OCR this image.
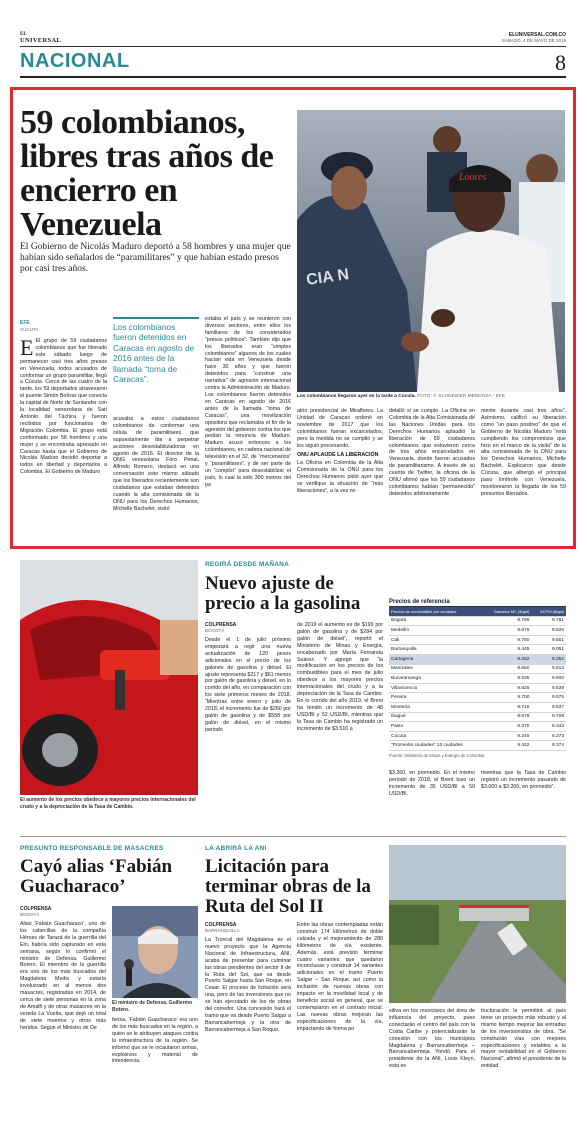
EL
UNIVERSAL
ELUNIVERSAL.COM.CO
SÁBADO, 4 DE MAYO DE 2019
NACIONAL	8
59 colombianos, libres tras años de encierro en Venezuela
El Gobierno de Nicolás Maduro deportó a 58 hombres y una mujer que habían sido señalados de “paramilitares” y que habían estado presos por casi tres años.	CIA N
Loores
Los colombianos llegaron ayer en la tarde a Cúcuta. FOTO: © SCHNEIDER MENDOZA - EFE
EFE
CÚCUTA
E El grupo de 59 ciudadanos colombianos que fue liberado este sábado luego de permanecer casi tres años presos en Venezuela, todos acusados de conformar un grupo paramilitar, llegó a Cúcuta. Cerca de las cuatro de la tarde, los 59 deportados atravesaron el puente Simón Bolívar que conecta la capital de Norte de Santander con la localidad venezolana de San Antonio del Táchira y fueron recibidos por funcionarios de Migración Colombia. El grupo está conformado por 58 hombres y una mujer y se encontraba apresado en Caracas hasta que el Gobierno de Nicolás Maduro decidió deportar a todos en libertad y deportarlos a Colombia. El Gobierno de Maduro
Los colombianos fueron detenidos en Caracas en agosto de 2016 antes de la llamada “toma de Caracas”.
acusaba a estos ciudadanos colombianos de conformar una célula de paramilitares que supuestamente iba a perpetrar acciones desestabilizadoras en agosto de 2016. El director de la ONG venezolana Foro Penal, Alfredo Romero, destacó en una conversación este mismo sábado que los liberados recientemente son ciudadanos que estaban detenidos cuando la alta comisionada de la ONU para los Derechos Humanos, Michelle Bachelet, visitó
estaba el país y se reunieron con diversos sectores, entre ellos los familiares de los considerados “presos políticos”. También dijo que los liberados eran “simples colombianos” algunos de los cuales hacían vida en Venezuela desde hace 30 años y que fueron detenidos para “construir una narrativa” de agresión internacional contra la Administración de Maduro. Los colombianos fueron detenidos en Caracas en agosto de 2016 antes de la llamada “toma de Caracas”, una movilización opositora que reclamaba el fin de la agresión del gobierno contra los que pedían la renuncia de Maduro. Maduro acusó entonces a los colombianos, en cadena nacional de televisión en el 32, de “mercenarios” y “paramilitares”, y de ser parte de un “complot” para desestabilizar el país, lo cual la sido 300 metros del pa
atrio presidencial de Miraflores. La Unidad de Caracas ordenó en noviembre de 2017 que los colombianos fueran excarcelados, pero la medida no se cumplió y se les siguió procesando.
ONU APLAUDE LA LIBERACIÓN
La Oficina en Colombia de la Alta Comisionada de la ONU para los Derechos Humanos pidió ayer que se verifique la situación de “más liberaciones”, a la vez no
detalló si se cumple. La Oficina en Colombia de la Alta Comisionada de las Naciones Unidas para los Derechos Humanos aplaudió la liberación de 59 ciudadanos colombianos que estuvieron cerca de tres años encarcelados en Venezuela, donde fueron acusados de paramilitarismo. A través de su cuenta de Twitter, la oficina de la ONU afirmó que los 59 ciudadanos colombianos habían “permanecido” detenidos arbitrariamente
mente durante casi tres años”. Asimismo, calificó su liberación como “un paso positivo” de que el Gobierno de Nicolás Maduro “está cumpliendo los compromisos que hizo en el marco de la visita” de la alta comisionada de la ONU para los Derechos Humanos, Michelle Bachelet. Explicaron que desde Cúcuta, que albergó el principal paso limítrofe con Venezuela, monitorearon la llegada de los 59 presuntos liberados.
El aumento de los precios obedece a mayores precios internacionales del crudo y a la depreciación de la Tasa de Cambio.
REGIRÁ DESDE MAÑANA
Nuevo ajuste de precio a la gasolina
COLPRENSA
BOGOTÁ
Desde el 1 de julio próximo empezará a regir una nueva actualización de 120 pesos adicionales en el precio de los galones de gasolina y diésel. El ajuste representa $217 y $61 menos por galón de gasolina y diésel, en lo corrido del año, en comparación con los siete primeros meses de 2018. “Mientras entre enero y julio de 2018, el incremento fue de $260 por galón de gasolina y de $558 por galón de diésel, en el mismo periodo
de 2019 el aumento es de $199 por galón de gasolina y de $284 por galón de diésel”, reportó el Ministerio de Minas y Energía, encabezado por María Fernanda Suárez. Y agregó que “la modificación en los precios de los combustibles para el mes de julio obedece a los mayores precios internacionales del crudo y a la depreciación de la Tasa de Cambio. En lo corrido del año 2019, el Brent ha tenido un incremento de 48 USD/Bl y 52 USD/Bl, mientras que la Tasa de Cambio ha registrado un incremento de $3.510 a
Precios de referencia
Precios de combustible por ciudades	Gasolina MC ($/gal)	ACPM ($/gal)
Bogotá	9.786	9.781
Medellín	9.676	9.526
Cali	9.780	9.551
Barranquilla	9.445	9.051
Cartagena	9.432	9.352
Manizales	9.660	9.613
Bucaramanga	9.535	9.600
Villavicencio	9.825	9.538
Pereira	9.700	9.575
Montería	9.715	9.537
Ibagué	9.678	9.709
Pasto	8.370	8.343
Cúcuta	8.245	8.273
"Promedio ciudades" 13 ciudades	9.422	9.374
Fuente: Ministerio de Minas y Energía de Colombia
$3.260, en promedio. En el mismo periodo de 2018, el Brent tuvo un incremento de 35 USD/Bl a 50 USD/Bl,
mientras que la Tasa de Cambio registró un incremento pasando de $3.000 a $3.200, en promedio”.
PRESUNTO RESPONSABLE DE MASACRES
Cayó alias ‘Fabián Guacharaco’
COLPRENSA
BOGOTÁ
Alias ‘Fabián Guacharaco’, uno de los cabecillas de la compañía Héroes de Tarazá de la guerrilla del Eln, habría sido capturado en esta semana, según lo confirmó el ministro de Defensa, Guillermo Botero. El miembro de la guerrilla era uno de los más buscados del Magdalena Medio y estaría involucrado en al menos dos masacres, registradas en 2014, de cerca de siete personas en la zona de Amalfi y de otras masacres en la vereda La Vuelta, que dejó un total de siete muertos y otros más heridos. Según el Ministro de De
El ministro de Defensa, Guillermo Botero.
fensa, ‘Fabián Guacharaco’ era uno de los más buscados en la región, a quien se le atribuyen ataques contra la infraestructura de la región. Se informó que se le incautaron armas, explosivos y material de intendencia.
LA ABRIRÁ LA ANI
Licitación para terminar obras de la Ruta del Sol II
COLPRENSA
BARRANQUILLA
La Troncal del Magdalena es el nuevo proyecto que la Agencia Nacional de Infraestructura, ANI, acaba de presentar para culminar las obras pendientes del sector II de la Ruta del Sol, que va desde Puerto Salgar hasta San Roque, en Cesar. El proceso de licitación será una, pero de las inversiones que no se han ejecutado de los de obras del corredor. Una concesión hará el tramo que va desde Puerto Salgar a Barrancabermeja y la otra de Barrancabermeja a San Roque.
Entre las obras contempladas están construir 174 kilómetros de doble calzada y el mejoramiento de 280 kilómetros de vía existente. Además, está previsto terminar cuatro variantes que quedaron inconclusas y construir 14 variantes adicionales en el tramo Puerto Salgar – San Roque, así como la inclusión de nuevas obras con impacto en la movilidad local y de beneficio social en general, que se contemplaron en el contrato inicial. Las nuevas obras mejoran las especificaciones de la vía, impactando de forma po
sitiva en los municipios del área de influencia del proyecto, pues conectarán el centro del país con la Costa Caribe y potencializarán la conexión con los municipios Magdalena y Barrancabermeja – Barrancabermeja. Yondó. Para el presidente de la ANI, Louis Kleyn, esta es
tructuración le permitirá al país tener un proyecto más robusto y al mismo tiempo mejorar las entradas de los inversionistas de obra. “Se construirán vías con mejores especificaciones y estables a la mayor rentabilidad en el Gobierno Nacional”, afirmó el presidente de la entidad.
